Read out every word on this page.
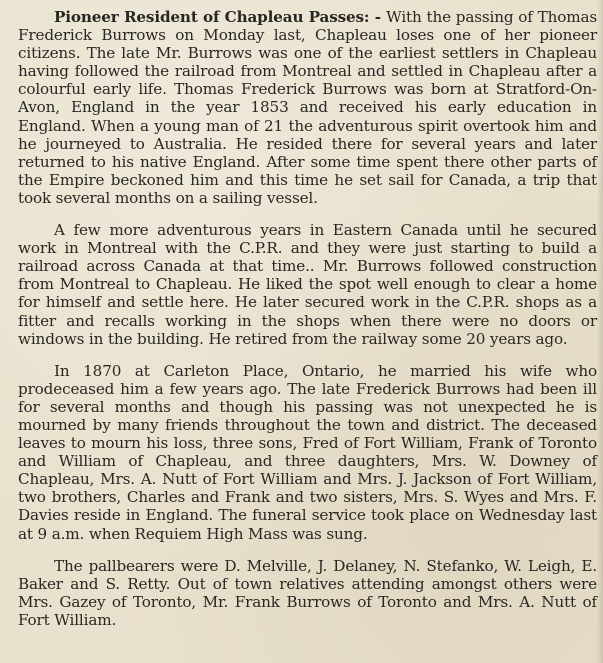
Pioneer Resident of Chapleau Passes: - With the passing of Thomas Frederick Burrows on Monday last, Chapleau loses one of her pioneer citizens. The late Mr. Burrows was one of the earliest settlers in Chapleau having followed the railroad from Montreal and settled in Chapleau after a colourful early life. Thomas Frederick Burrows was born at Stratford-On-Avon, England in the year 1853 and received his early education in England. When a young man of 21 the adventurous spirit overtook him and he journeyed to Australia. He resided there for several years and later returned to his native England. After some time spent there other parts of the Empire beckoned him and this time he set sail for Canada, a trip that took several months on a sailing vessel.

A few more adventurous years in Eastern Canada until he secured work in Montreal with the C.P.R. and they were just starting to build a railroad across Canada at that time.. Mr. Burrows followed construction from Montreal to Chapleau. He liked the spot well enough to clear a home for himself and settle here. He later secured work in the C.P.R. shops as a fitter and recalls working in the shops when there were no doors or windows in the building. He retired from the railway some 20 years ago.

In 1870 at Carleton Place, Ontario, he married his wife who prodeceased him a few years ago. The late Frederick Burrows had been ill for several months and though his passing was not unexpected he is mourned by many friends throughout the town and district. The deceased leaves to mourn his loss, three sons, Fred of Fort William, Frank of Toronto and William of Chapleau, and three daughters, Mrs. W. Downey of Chapleau, Mrs. A. Nutt of Fort William and Mrs. J. Jackson of Fort William, two brothers, Charles and Frank and two sisters, Mrs. S. Wyes and Mrs. F. Davies reside in England. The funeral service took place on Wednesday last at 9 a.m. when Requiem High Mass was sung.

The pallbearers were D. Melville, J. Delaney, N. Stefanko, W. Leigh, E. Baker and S. Retty. Out of town relatives attending amongst others were Mrs. Gazey of Toronto, Mr. Frank Burrows of Toronto and Mrs. A. Nutt of Fort William.
